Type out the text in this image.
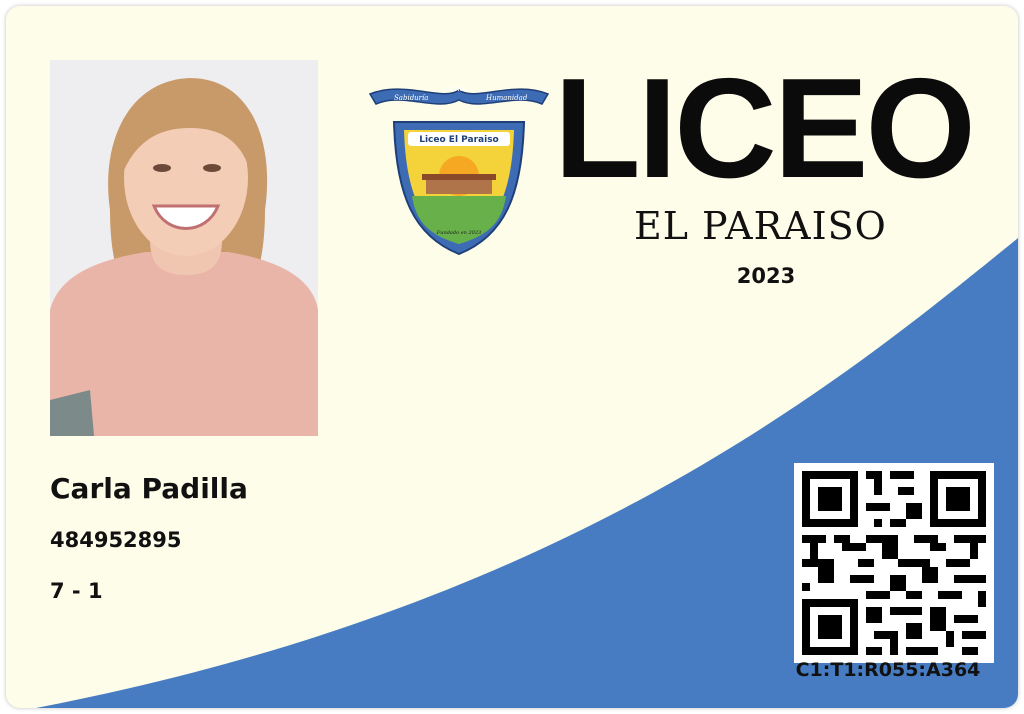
Sabiduría
Amor
Humanidad
Liceo El Paraiso
Fundado en 2023
LICEO
EL PARAISO
2023
Carla Padilla
484952895
7 - 1
C1:T1:R055:A364
